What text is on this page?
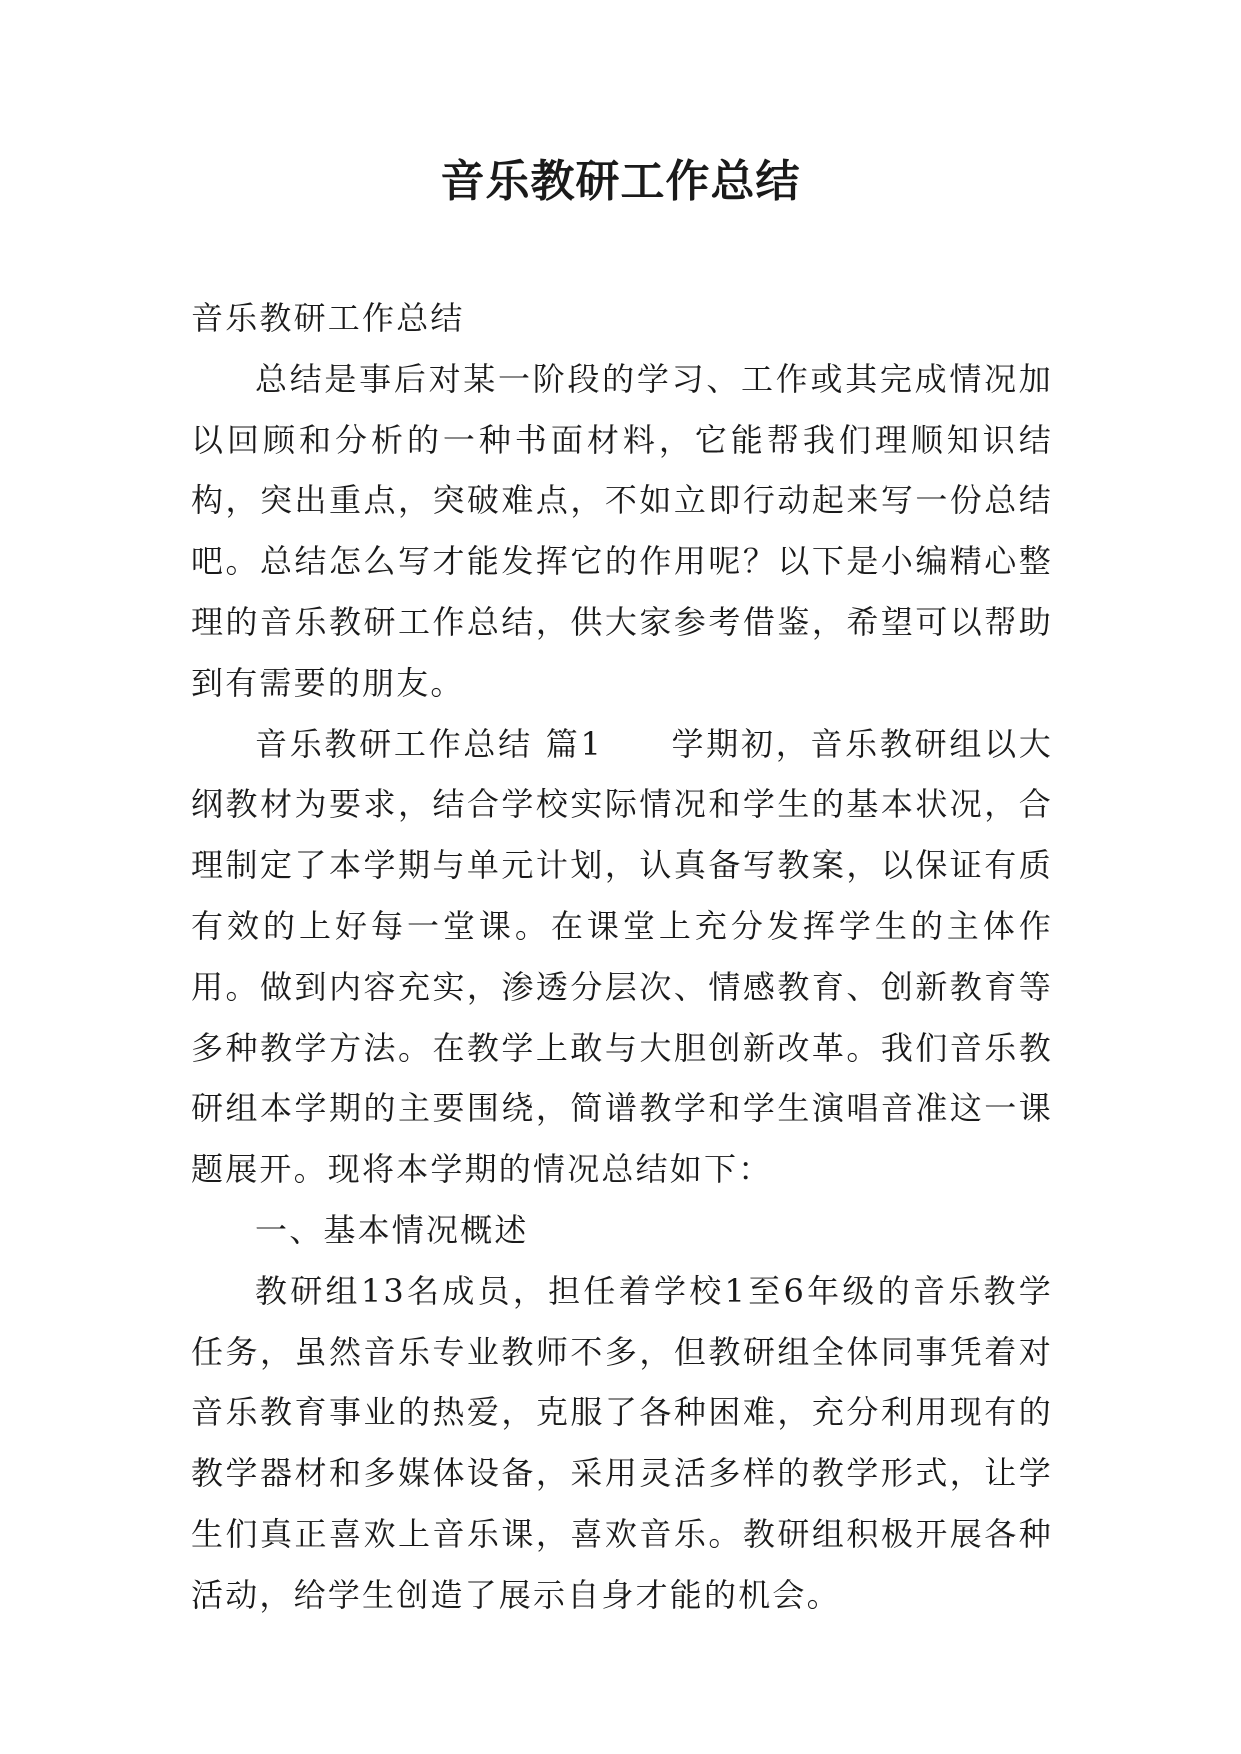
音乐教研工作总结

音乐教研工作总结

总结是事后对某一阶段的学习、工作或其完成情况加以回顾和分析的一种书面材料，它能帮我们理顺知识结构，突出重点，突破难点，不如立即行动起来写一份总结吧。总结怎么写才能发挥它的作用呢？以下是小编精心整理的音乐教研工作总结，供大家参考借鉴，希望可以帮助到有需要的朋友。

音乐教研工作总结 篇1 学期初，音乐教研组以大纲教材为要求，结合学校实际情况和学生的基本状况，合理制定了本学期与单元计划，认真备写教案，以保证有质有效的上好每一堂课。在课堂上充分发挥学生的主体作用。做到内容充实，渗透分层次、情感教育、创新教育等多种教学方法。在教学上敢与大胆创新改革。我们音乐教研组本学期的主要围绕，简谱教学和学生演唱音准这一课题展开。现将本学期的情况总结如下：

一、基本情况概述

教研组13名成员，担任着学校1至6年级的音乐教学任务，虽然音乐专业教师不多，但教研组全体同事凭着对音乐教育事业的热爱，克服了各种困难，充分利用现有的教学器材和多媒体设备，采用灵活多样的教学形式，让学生们真正喜欢上音乐课，喜欢音乐。教研组积极开展各种活动，给学生创造了展示自身才能的机会。
